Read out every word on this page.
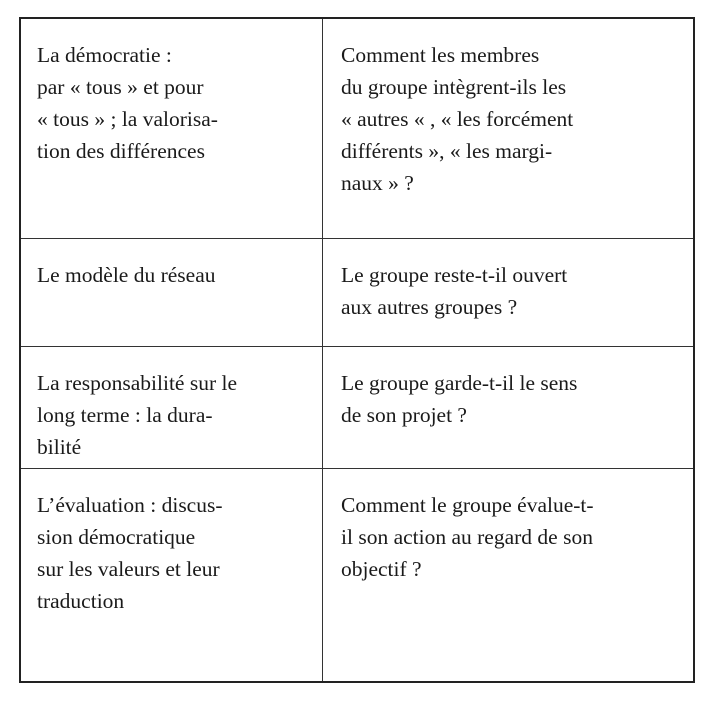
La démocratie :
par « tous » et pour
« tous » ; la valorisa-
tion des différences
Comment les membres
du groupe intègrent-ils les
« autres « , « les forcément
différents », « les margi-
naux » ?
Le modèle du réseau	Le groupe reste-t-il ouvert
aux autres groupes ?
La responsabilité sur le
long terme : la dura-
bilité
Le groupe garde-t-il le sens
de son projet ?
L’évaluation : discus-
sion démocratique
sur les valeurs et leur
traduction
Comment le groupe évalue-t-
il son action au regard de son
objectif ?
